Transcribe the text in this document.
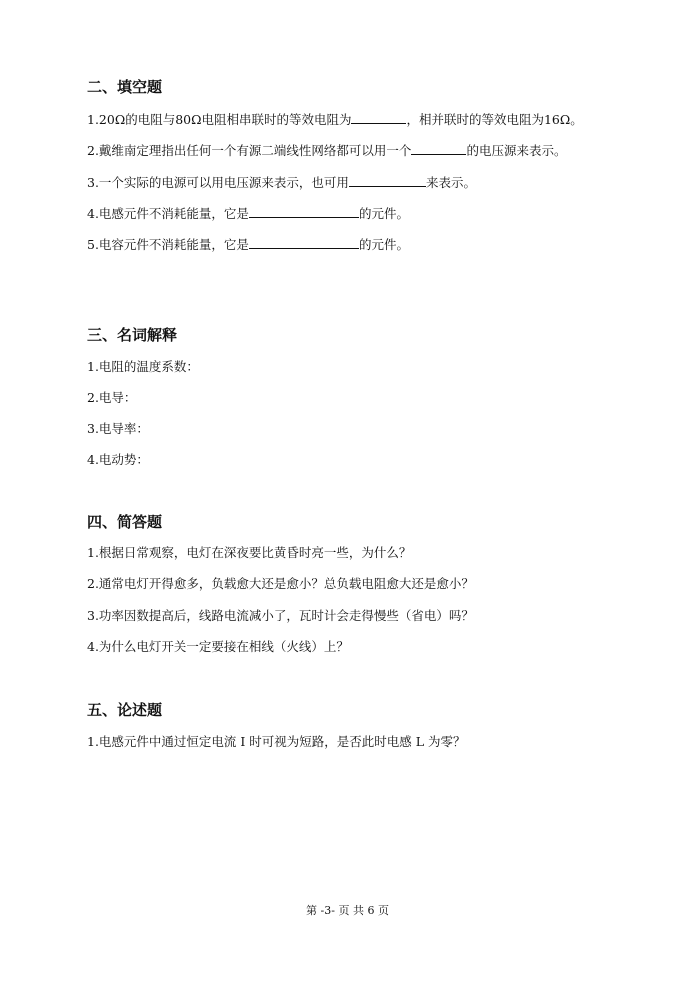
二、填空题
1.20Ω的电阻与80Ω电阻相串联时的等效电阻为	，相并联时的等效电阻为16Ω。
2.戴维南定理指出任何一个有源二端线性网络都可以用一个	的电压源来表示。
3.一个实际的电源可以用电压源来表示，也可用	来表示。
4.电感元件不消耗能量，它是	的元件。
5.电容元件不消耗能量，它是	的元件。
三、名词解释
1.电阻的温度系数：
2.电导：
3.电导率：
4.电动势：
四、简答题
1.根据日常观察，电灯在深夜要比黄昏时亮一些，为什么？
2.通常电灯开得愈多，负载愈大还是愈小？总负载电阻愈大还是愈小？
3.功率因数提高后，线路电流减小了，瓦时计会走得慢些（省电）吗？
4.为什么电灯开关一定要接在相线（火线）上？
五、论述题
1.电感元件中通过恒定电流 I 时可视为短路，是否此时电感 L 为零？
第 -3- 页 共 6 页
